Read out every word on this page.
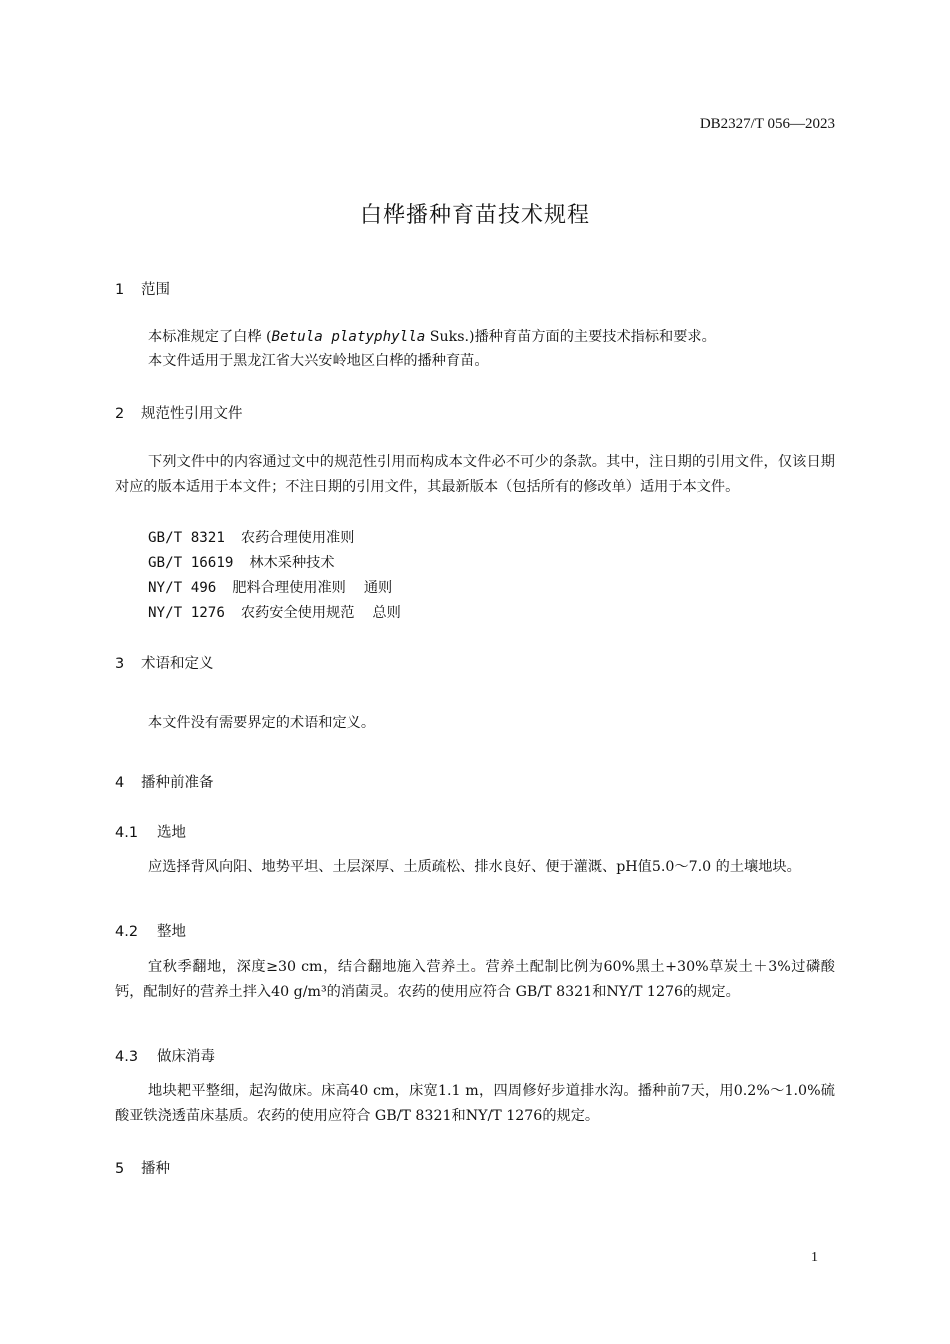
DB2327/T 056—2023
白桦播种育苗技术规程
1 范围
本标准规定了白桦 (Betula platyphylla Suks.)播种育苗方面的主要技术指标和要求。
本文件适用于黑龙江省大兴安岭地区白桦的播种育苗。
2 规范性引用文件

下列文件中的内容通过文中的规范性引用而构成本文件必不可少的条款。其中，注日期的引用文件，仅该日期对应的版本适用于本文件；不注日期的引用文件，其最新版本（包括所有的修改单）适用于本文件。

GB/T 8321 农药合理使用准则
GB/T 16619 林木采种技术
NY/T 496 肥料合理使用准则 通则
NY/T 1276 农药安全使用规范 总则
3 术语和定义
本文件没有需要界定的术语和定义。
4 播种前准备
4.1 选地

应选择背风向阳、地势平坦、土层深厚、土质疏松、排水良好、便于灌溉、pH值5.0～7.0 的土壤地块。

4.2 整地

宜秋季翻地，深度≥30 cm，结合翻地施入营养土。营养土配制比例为60%黑土+30%草炭土＋3%过磷酸钙，配制好的营养土拌入40 g/m³的消菌灵。农药的使用应符合 GB/T 8321和NY/T 1276的规定。

4.3 做床消毒

地块耙平整细，起沟做床。床高40 cm，床宽1.1 m，四周修好步道排水沟。播种前7天，用0.2%～1.0%硫酸亚铁浇透苗床基质。农药的使用应符合 GB/T 8321和NY/T 1276的规定。

5 播种
1
